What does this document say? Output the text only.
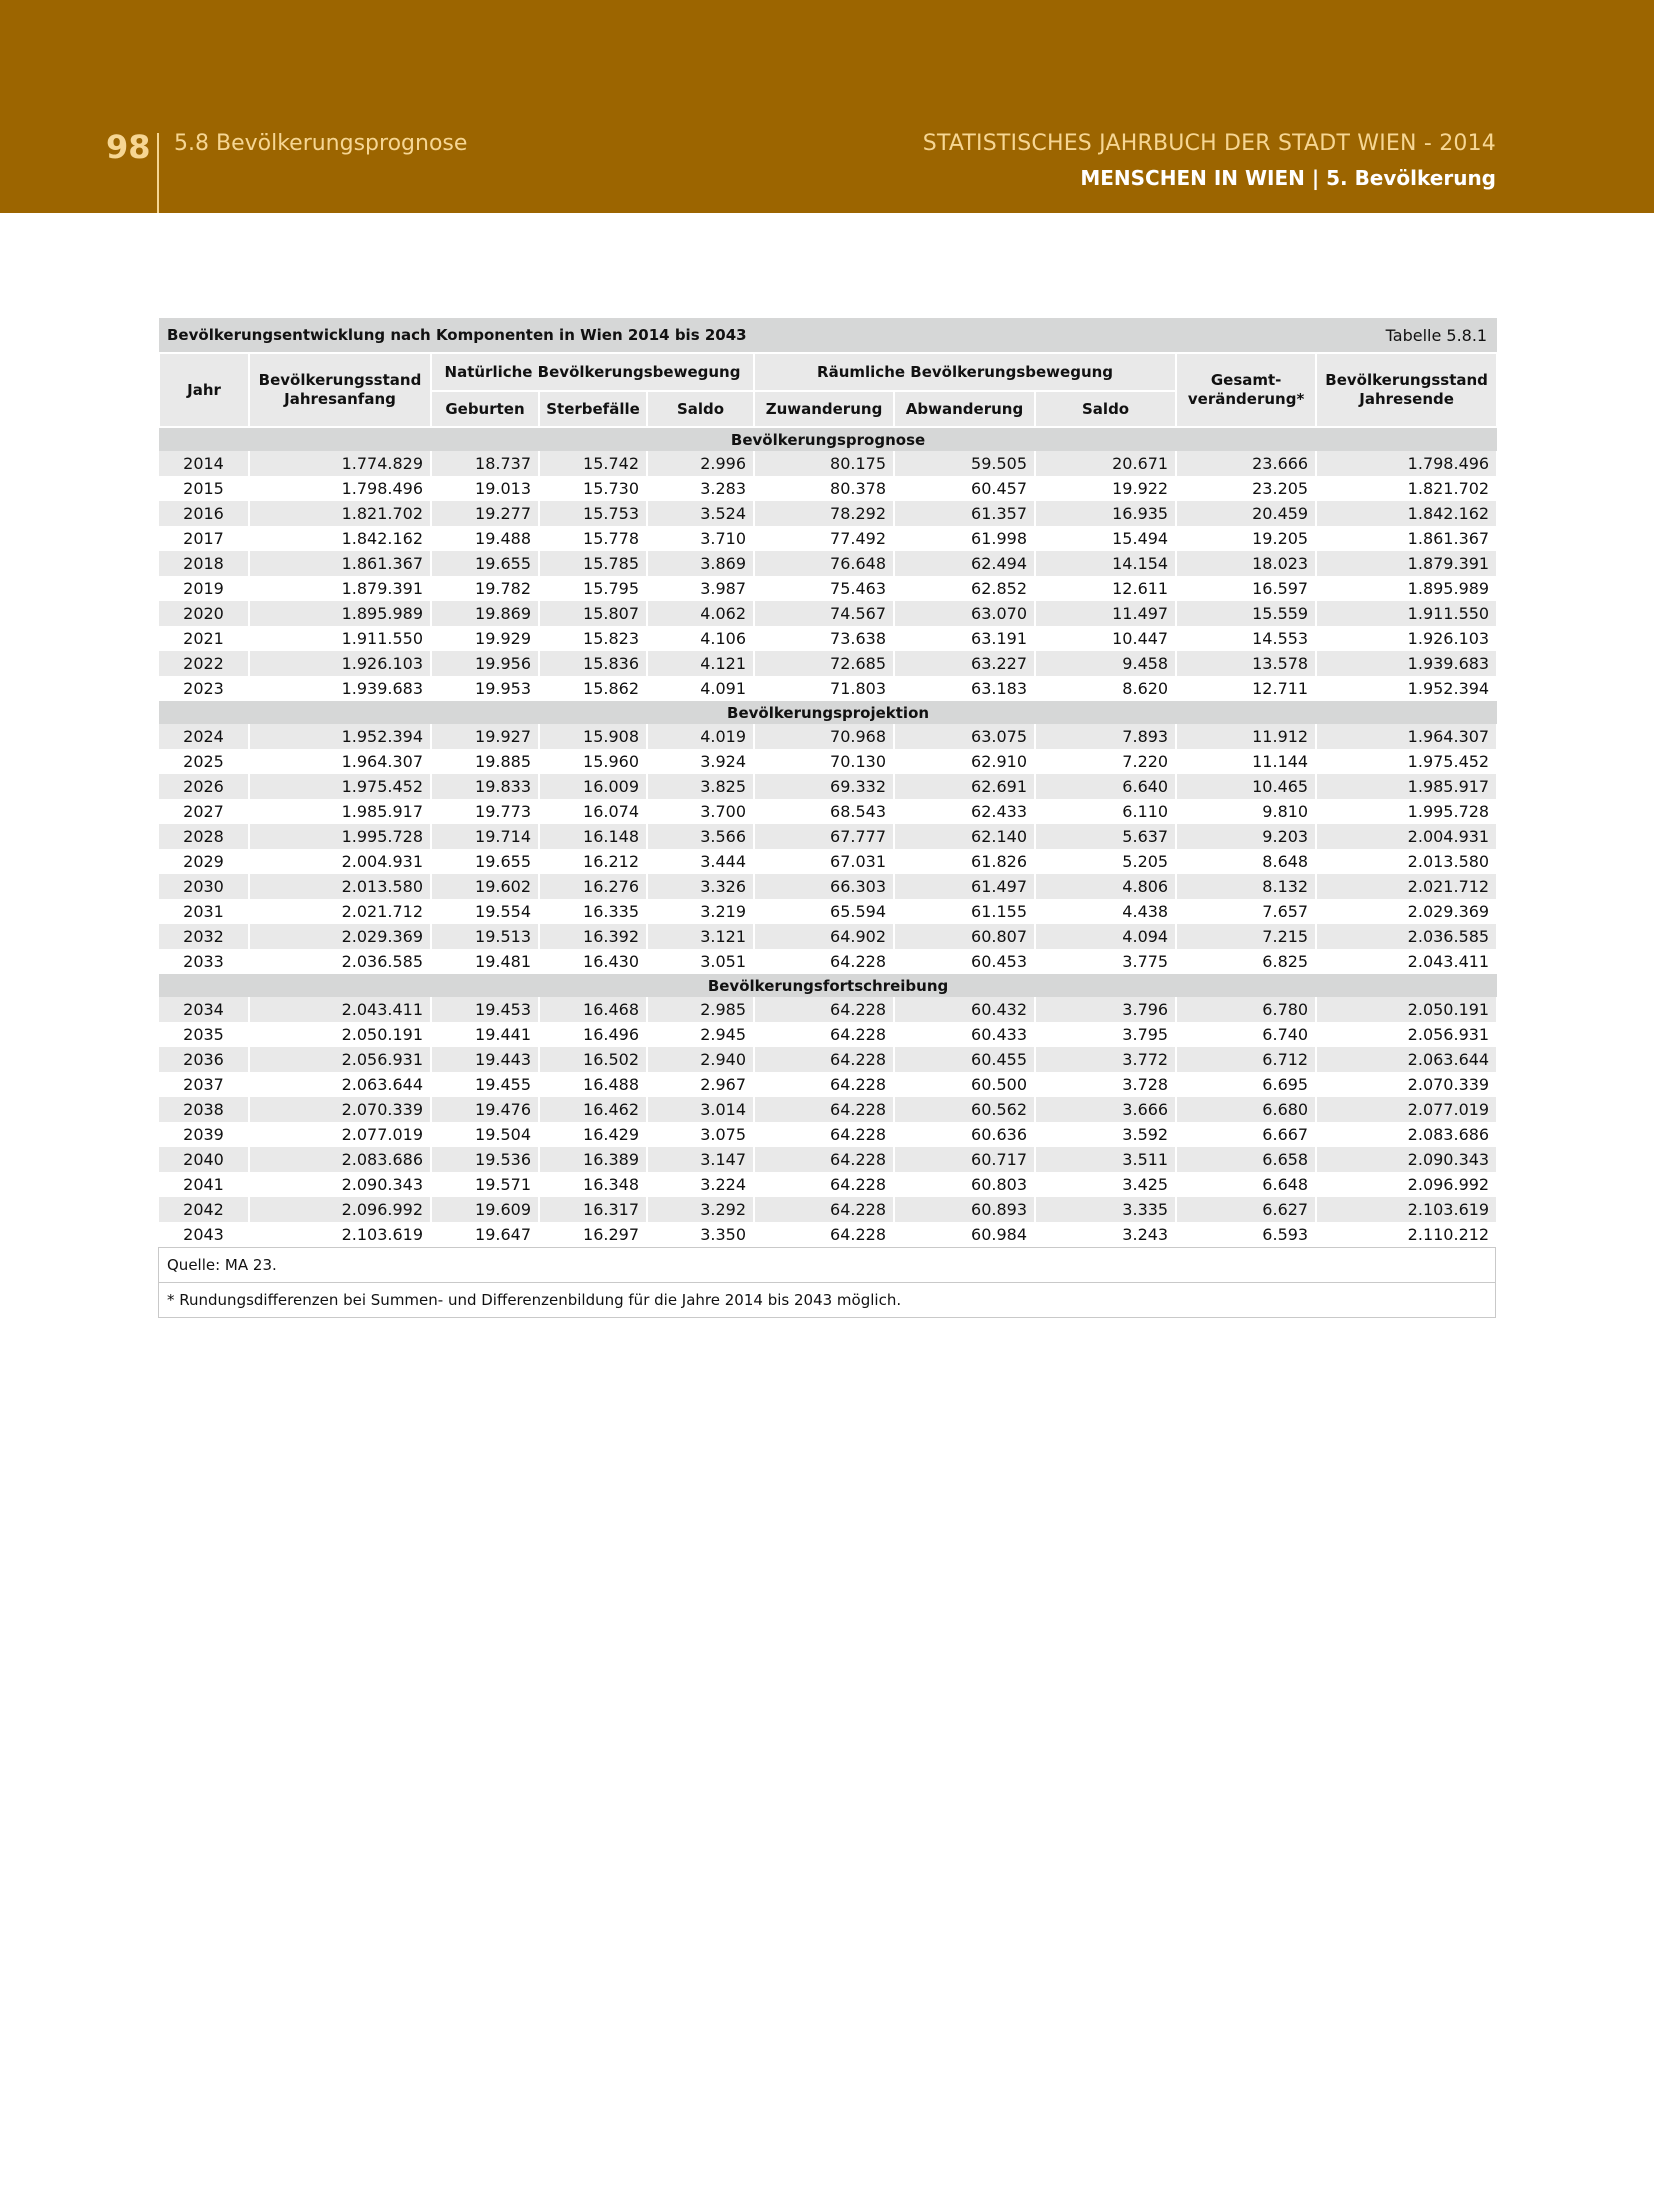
98 5.8 Bevölkerungsprognose	STATISTISCHES JAHRBUCH DER STADT WIEN - 2014
MENSCHEN IN WIEN | 5. Bevölkerung
Bevölkerungsentwicklung nach Komponenten in Wien 2014 bis 2043								Tabelle 5.8.1	
Jahr	Bevölkerungsstand Jahresanfang	Natürliche Bevölkerungsbewegung			Räumliche Bevölkerungsbewegung			Gesamt-veränderung*	Bevölkerungsstand Jahresende
		Geburten	Sterbefälle	Saldo	Zuwanderung	Abwanderung	Saldo		
Bevölkerungsprognose									
2014	1.774.829	18.737	15.742	2.996	80.175	59.505	20.671	23.666	1.798.496
2015	1.798.496	19.013	15.730	3.283	80.378	60.457	19.922	23.205	1.821.702
2016	1.821.702	19.277	15.753	3.524	78.292	61.357	16.935	20.459	1.842.162
2017	1.842.162	19.488	15.778	3.710	77.492	61.998	15.494	19.205	1.861.367
2018	1.861.367	19.655	15.785	3.869	76.648	62.494	14.154	18.023	1.879.391
2019	1.879.391	19.782	15.795	3.987	75.463	62.852	12.611	16.597	1.895.989
2020	1.895.989	19.869	15.807	4.062	74.567	63.070	11.497	15.559	1.911.550
2021	1.911.550	19.929	15.823	4.106	73.638	63.191	10.447	14.553	1.926.103
2022	1.926.103	19.956	15.836	4.121	72.685	63.227	9.458	13.578	1.939.683
2023	1.939.683	19.953	15.862	4.091	71.803	63.183	8.620	12.711	1.952.394
Bevölkerungsprojektion									
2024	1.952.394	19.927	15.908	4.019	70.968	63.075	7.893	11.912	1.964.307
2025	1.964.307	19.885	15.960	3.924	70.130	62.910	7.220	11.144	1.975.452
2026	1.975.452	19.833	16.009	3.825	69.332	62.691	6.640	10.465	1.985.917
2027	1.985.917	19.773	16.074	3.700	68.543	62.433	6.110	9.810	1.995.728
2028	1.995.728	19.714	16.148	3.566	67.777	62.140	5.637	9.203	2.004.931
2029	2.004.931	19.655	16.212	3.444	67.031	61.826	5.205	8.648	2.013.580
2030	2.013.580	19.602	16.276	3.326	66.303	61.497	4.806	8.132	2.021.712
2031	2.021.712	19.554	16.335	3.219	65.594	61.155	4.438	7.657	2.029.369
2032	2.029.369	19.513	16.392	3.121	64.902	60.807	4.094	7.215	2.036.585
2033	2.036.585	19.481	16.430	3.051	64.228	60.453	3.775	6.825	2.043.411
Bevölkerungsfortschreibung									
2034	2.043.411	19.453	16.468	2.985	64.228	60.432	3.796	6.780	2.050.191
2035	2.050.191	19.441	16.496	2.945	64.228	60.433	3.795	6.740	2.056.931
2036	2.056.931	19.443	16.502	2.940	64.228	60.455	3.772	6.712	2.063.644
2037	2.063.644	19.455	16.488	2.967	64.228	60.500	3.728	6.695	2.070.339
2038	2.070.339	19.476	16.462	3.014	64.228	60.562	3.666	6.680	2.077.019
2039	2.077.019	19.504	16.429	3.075	64.228	60.636	3.592	6.667	2.083.686
2040	2.083.686	19.536	16.389	3.147	64.228	60.717	3.511	6.658	2.090.343
2041	2.090.343	19.571	16.348	3.224	64.228	60.803	3.425	6.648	2.096.992
2042	2.096.992	19.609	16.317	3.292	64.228	60.893	3.335	6.627	2.103.619
2043	2.103.619	19.647	16.297	3.350	64.228	60.984	3.243	6.593	2.110.212
Quelle: MA 23.
* Rundungsdifferenzen bei Summen- und Differenzenbildung für die Jahre 2014 bis 2043 möglich.
